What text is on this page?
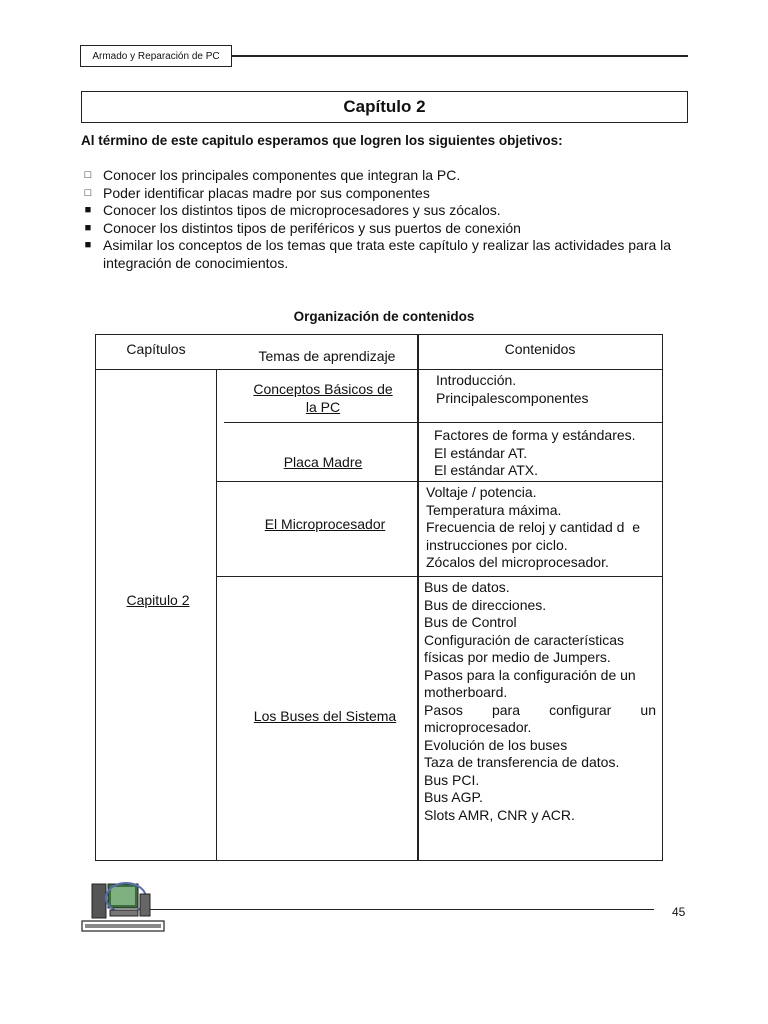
Armado y Reparación de PC
Capítulo 2
Al término de este capitulo esperamos que logren los siguientes objetivos:
□ Conocer los principales componentes que integran la PC.
□ Poder identificar placas madre por sus componentes
■ Conocer los distintos tipos de microprocesadores y sus zócalos.
■ Conocer los distintos tipos de periféricos y sus puertos de conexión
■ Asimilar los conceptos de los temas que trata este capítulo y realizar las actividades para la integración de conocimientos.
Organización de contenidos
Capítulos	Temas de aprendizaje	Contenidos
Capitulo 2
Conceptos Básicos de la PC
Placa Madre
El Microprocesador
Los Buses del Sistema
Introducción.
Principalescomponentes
Factores de forma y estándares.
El estándar AT.
El estándar ATX.
Voltaje / potencia.
Temperatura máxima.
Frecuencia de reloj y cantidad d  e
instrucciones por ciclo.
Zócalos del microprocesador.
Bus de datos.
Bus de direcciones.
Bus de Control
Configuración de características
físicas por medio de Jumpers.
Pasos para la configuración de un
motherboard.
Pasos para configurar un
microprocesador.
Evolución de los buses
Taza de transferencia de datos.
Bus PCI.
Bus AGP.
Slots AMR, CNR y ACR.
45
